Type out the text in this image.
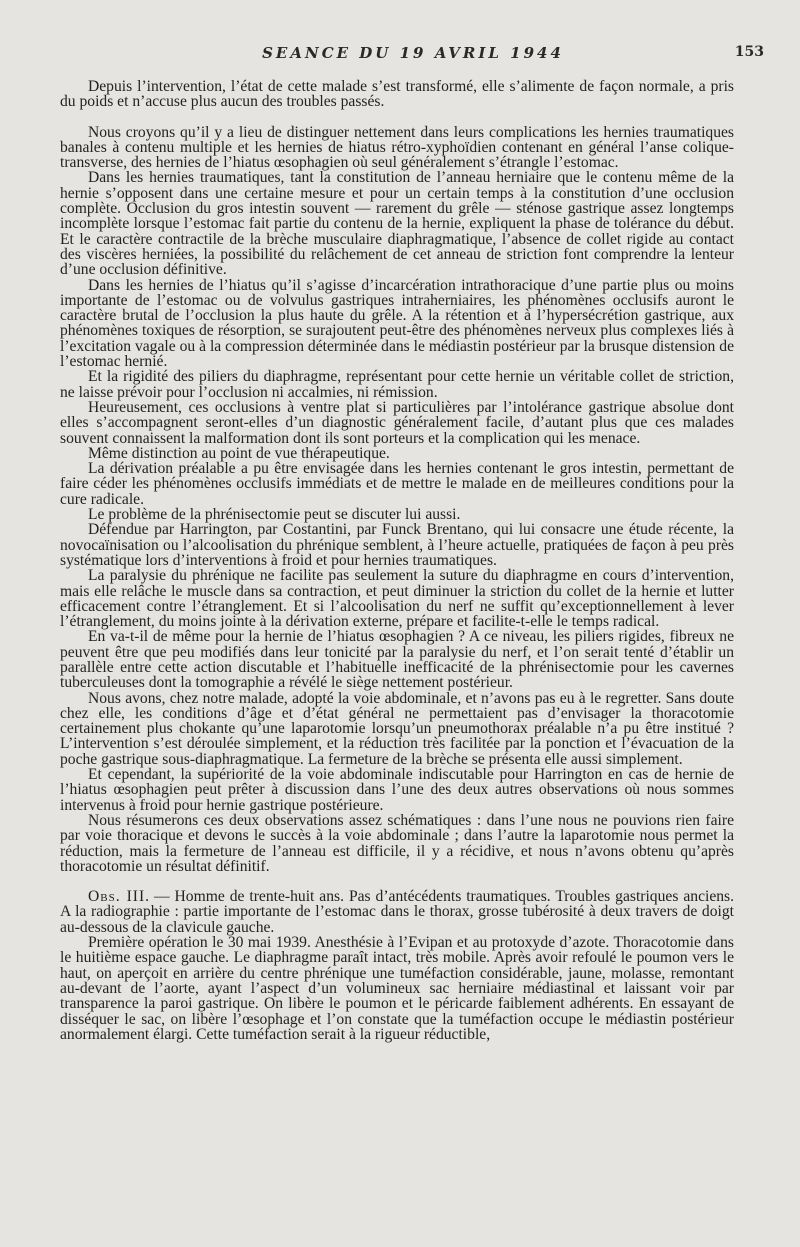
SEANCE DU 19 AVRIL 1944	153

Depuis l’intervention, l’état de cette malade s’est transformé, elle s’alimente de façon normale, a pris du poids et n’accuse plus aucun des troubles passés.

Nous croyons qu’il y a lieu de distinguer nettement dans leurs complications les hernies traumatiques banales à contenu multiple et les hernies de hiatus rétro-xyphoïdien contenant en général l’anse colique-transverse, des hernies de l’hiatus œsophagien où seul généralement s’étrangle l’estomac.

Dans les hernies traumatiques, tant la constitution de l’anneau herniaire que le contenu même de la hernie s’opposent dans une certaine mesure et pour un certain temps à la constitution d’une occlusion complète. Occlusion du gros intestin souvent — rarement du grêle — sténose gastrique assez longtemps incomplète lorsque l’estomac fait partie du contenu de la hernie, expliquent la phase de tolérance du début. Et le caractère contractile de la brèche musculaire diaphragmatique, l’absence de collet rigide au contact des viscères herniées, la possibilité du relâchement de cet anneau de striction font comprendre la lenteur d’une occlusion définitive.

Dans les hernies de l’hiatus qu’il s’agisse d’incarcération intrathoracique d’une partie plus ou moins importante de l’estomac ou de volvulus gastriques intraherniaires, les phénomènes occlusifs auront le caractère brutal de l’occlusion la plus haute du grêle. A la rétention et à l’hypersécrétion gastrique, aux phénomènes toxiques de résorption, se surajoutent peut-être des phénomènes nerveux plus complexes liés à l’excitation vagale ou à la compression déterminée dans le médiastin postérieur par la brusque distension de l’estomac hernié.

Et la rigidité des piliers du diaphragme, représentant pour cette hernie un véritable collet de striction, ne laisse prévoir pour l’occlusion ni accalmies, ni rémission.

Heureusement, ces occlusions à ventre plat si particulières par l’intolérance gastrique absolue dont elles s’accompagnent seront-elles d’un diagnostic généralement facile, d’autant plus que ces malades souvent connaissent la malformation dont ils sont porteurs et la complication qui les menace.

Même distinction au point de vue thérapeutique.

La dérivation préalable a pu être envisagée dans les hernies contenant le gros intestin, permettant de faire céder les phénomènes occlusifs immédiats et de mettre le malade en de meilleures conditions pour la cure radicale.

Le problème de la phrénisectomie peut se discuter lui aussi.

Défendue par Harrington, par Costantini, par Funck Brentano, qui lui consacre une étude récente, la novocaïnisation ou l’alcoolisation du phrénique semblent, à l’heure actuelle, pratiquées de façon à peu près systématique lors d’interventions à froid et pour hernies traumatiques.

La paralysie du phrénique ne facilite pas seulement la suture du diaphragme en cours d’intervention, mais elle relâche le muscle dans sa contraction, et peut diminuer la striction du collet de la hernie et lutter efficacement contre l’étranglement. Et si l’alcoolisation du nerf ne suffit qu’exceptionnellement à lever l’étranglement, du moins jointe à la dérivation externe, prépare et facilite-t-elle le temps radical.

En va-t-il de même pour la hernie de l’hiatus œsophagien ? A ce niveau, les piliers rigides, fibreux ne peuvent être que peu modifiés dans leur tonicité par la paralysie du nerf, et l’on serait tenté d’établir un parallèle entre cette action discutable et l’habituelle inefficacité de la phrénisectomie pour les cavernes tuberculeuses dont la tomographie a révélé le siège nettement postérieur.

Nous avons, chez notre malade, adopté la voie abdominale, et n’avons pas eu à le regretter. Sans doute chez elle, les conditions d’âge et d’état général ne permettaient pas d’envisager la thoracotomie certainement plus chokante qu’une laparotomie lorsqu’un pneumothorax préalable n’a pu être institué ? L’intervention s’est déroulée simplement, et la réduction très facilitée par la ponction et l’évacuation de la poche gastrique sous-diaphragmatique. La fermeture de la brèche se présenta elle aussi simplement.

Et cependant, la supériorité de la voie abdominale indiscutable pour Harrington en cas de hernie de l’hiatus œsophagien peut prêter à discussion dans l’une des deux autres observations où nous sommes intervenus à froid pour hernie gastrique postérieure.

Nous résumerons ces deux observations assez schématiques : dans l’une nous ne pouvions rien faire par voie thoracique et devons le succès à la voie abdominale ; dans l’autre la laparotomie nous permet la réduction, mais la fermeture de l’anneau est difficile, il y a récidive, et nous n’avons obtenu qu’après thoracotomie un résultat définitif.

Obs. III. — Homme de trente-huit ans. Pas d’antécédents traumatiques. Troubles gastriques anciens. A la radiographie : partie importante de l’estomac dans le thorax, grosse tubérosité à deux travers de doigt au-dessous de la clavicule gauche.

Première opération le 30 mai 1939. Anesthésie à l’Evipan et au protoxyde d’azote. Thoracotomie dans le huitième espace gauche. Le diaphragme paraît intact, très mobile. Après avoir refoulé le poumon vers le haut, on aperçoit en arrière du centre phrénique une tuméfaction considérable, jaune, molasse, remontant au-devant de l’aorte, ayant l’aspect d’un volumineux sac herniaire médiastinal et laissant voir par transparence la paroi gastrique. On libère le poumon et le péricarde faiblement adhérents. En essayant de disséquer le sac, on libère l’œsophage et l’on constate que la tuméfaction occupe le médiastin postérieur anormalement élargi. Cette tuméfaction serait à la rigueur réductible,
